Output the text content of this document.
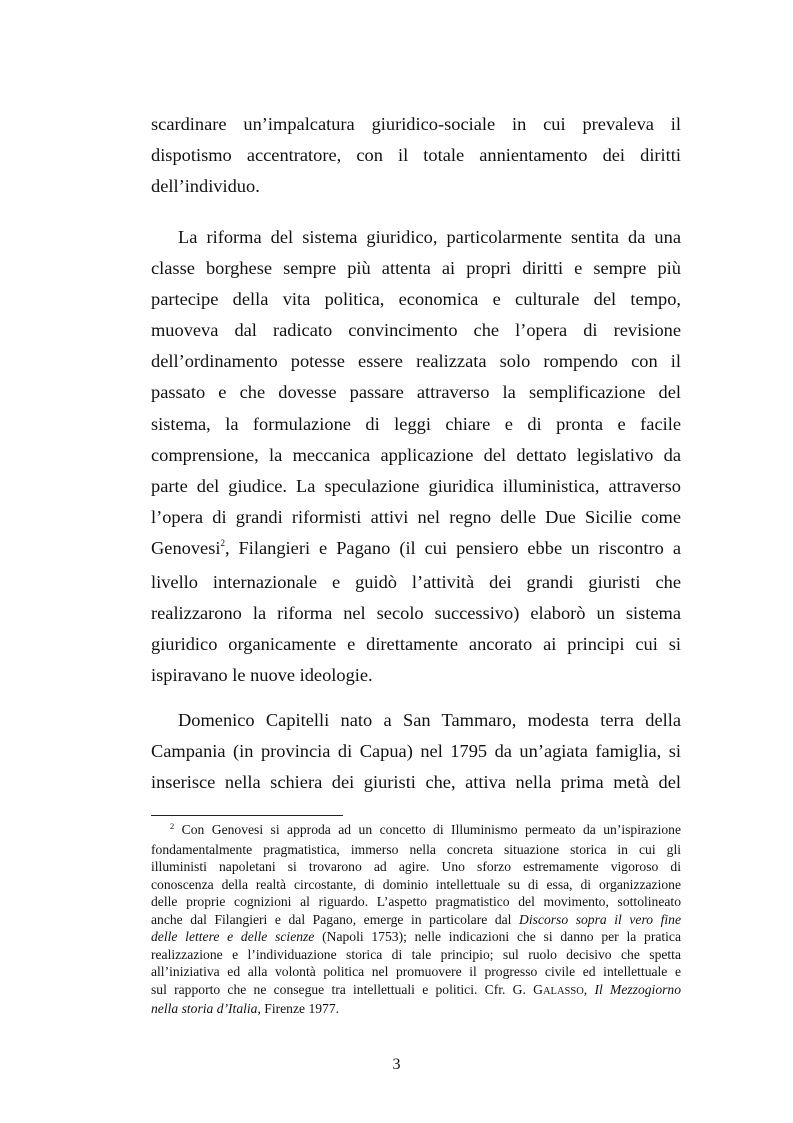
scardinare un’impalcatura giuridico-sociale in cui prevaleva il
dispotismo accentratore, con il totale annientamento dei diritti
dell’individuo.
La riforma del sistema giuridico, particolarmente sentita da una
classe borghese sempre più attenta ai propri diritti e sempre più
partecipe della vita politica, economica e culturale del tempo,
muoveva dal radicato convincimento che l’opera di revisione
dell’ordinamento potesse essere realizzata solo rompendo con il
passato e che dovesse passare attraverso la semplificazione del
sistema, la formulazione di leggi chiare e di pronta e facile
comprensione, la meccanica applicazione del dettato legislativo da
parte del giudice. La speculazione giuridica illuministica, attraverso
l’opera di grandi riformisti attivi nel regno delle Due Sicilie come
Genovesi$^2$, Filangieri e Pagano (il cui pensiero ebbe un riscontro a
livello internazionale e guidò l’attività dei grandi giuristi che
realizzarono la riforma nel secolo successivo) elaborò un sistema
giuridico organicamente e direttamente ancorato ai principi cui si
ispiravano le nuove ideologie.
Domenico Capitelli nato a San Tammaro, modesta terra della
Campania (in provincia di Capua) nel 1795 da un’agiata famiglia, si
inserisce nella schiera dei giuristi che, attiva nella prima metà del
$^2$ Con Genovesi si approda ad un concetto di Illuminismo permeato da un’ispirazione
fondamentalmente pragmatistica, immerso nella concreta situazione storica in cui gli
illuministi napoletani si trovarono ad agire. Uno sforzo estremamente vigoroso di
conoscenza della realtà circostante, di dominio intellettuale su di essa, di organizzazione
delle proprie cognizioni al riguardo. L’aspetto pragmatistico del movimento, sottolineato
anche dal Filangieri e dal Pagano, emerge in particolare dal Discorso sopra il vero fine
delle lettere e delle scienze (Napoli 1753); nelle indicazioni che si danno per la pratica
realizzazione e l’individuazione storica di tale principio; sul ruolo decisivo che spetta
all’iniziativa ed alla volontà politica nel promuovere il progresso civile ed intellettuale e
sul rapporto che ne consegue tra intellettuali e politici. Cfr. G. GALASSO, Il Mezzogiorno
nella storia d’Italia, Firenze 1977.
3
